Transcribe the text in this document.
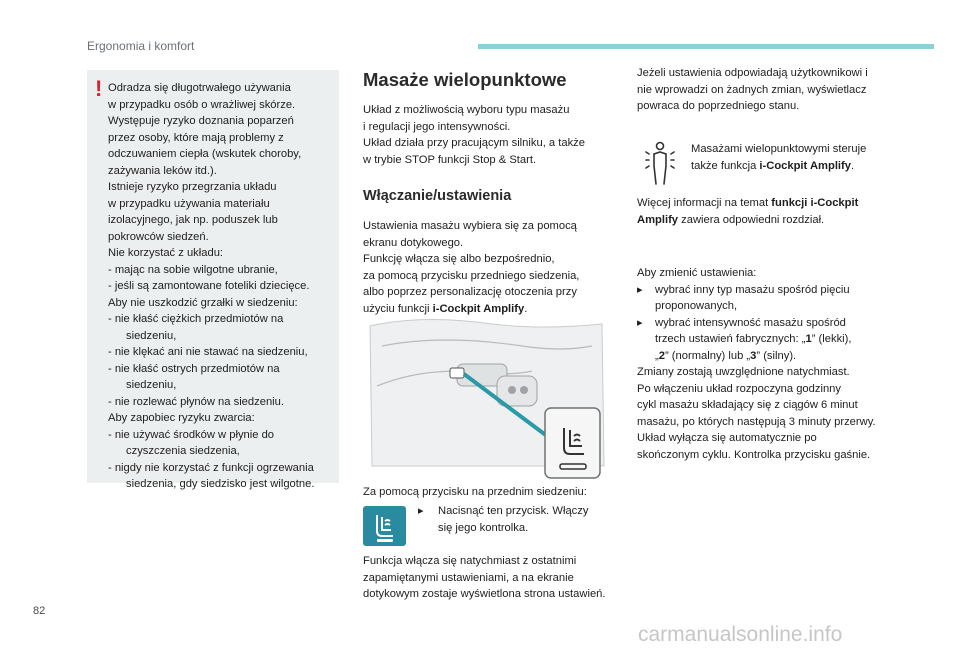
Ergonomia i komfort
Odradza się długotrwałego używania
w przypadku osób o wrażliwej skórze.
Występuje ryzyko doznania poparzeń
przez osoby, które mają problemy z
odczuwaniem ciepła (wskutek choroby,
zażywania leków itd.).
Istnieje ryzyko przegrzania układu
w przypadku używania materiału
izolacyjnego, jak np. poduszek lub
pokrowców siedzeń.
Nie korzystać z układu:
- mając na sobie wilgotne ubranie,
- jeśli są zamontowane foteliki dziecięce.
Aby nie uszkodzić grzałki w siedzeniu:
- nie kłaść ciężkich przedmiotów na
siedzeniu,
- nie klękać ani nie stawać na siedzeniu,
- nie kłaść ostrych przedmiotów na
siedzeniu,
- nie rozlewać płynów na siedzeniu.
Aby zapobiec ryzyku zwarcia:
- nie używać środków w płynie do
czyszczenia siedzenia,
- nigdy nie korzystać z funkcji ogrzewania
siedzenia, gdy siedzisko jest wilgotne.
!	Masaże wielopunktowe

Układ z możliwością wyboru typu masażu
i regulacji jego intensywności.
Układ działa przy pracującym silniku, a także
w trybie STOP funkcji Stop & Start.

Włączanie/ustawienia

Ustawienia masażu wybiera się za pomocą
ekranu dotykowego.
Funkcję włącza się albo bezpośrednio,
za pomocą przycisku przedniego siedzenia,
albo poprzez personalizację otoczenia przy
użyciu funkcji i-Cockpit Amplify.

Za pomocą przycisku na przednim siedzeniu:

▸ Nacisnąć ten przycisk. Włączy
się jego kontrolka.

Funkcja włącza się natychmiast z ostatnimi
zapamiętanymi ustawieniami, a na ekranie
dotykowym zostaje wyświetlona strona ustawień.

Jeżeli ustawienia odpowiadają użytkownikowi i
nie wprowadzi on żadnych zmian, wyświetlacz
powraca do poprzedniego stanu.

Masażami wielopunktowymi steruje
także funkcja i-Cockpit Amplify.

Więcej informacji na temat funkcji i-Cockpit
Amplify zawiera odpowiedni rozdział.

Aby zmienić ustawienia:
▸ wybrać inny typ masażu spośród pięciu
proponowanych,
▸ wybrać intensywność masażu spośród
trzech ustawień fabrycznych: „1” (lekki),
„2” (normalny) lub „3” (silny).
Zmiany zostają uwzględnione natychmiast.
Po włączeniu układ rozpoczyna godzinny
cykl masażu składający się z ciągów 6 minut
masażu, po których następują 3 minuty przerwy.
Układ wyłącza się automatycznie po
skończonym cyklu. Kontrolka przycisku gaśnie.
82
carmanualsonline.info
